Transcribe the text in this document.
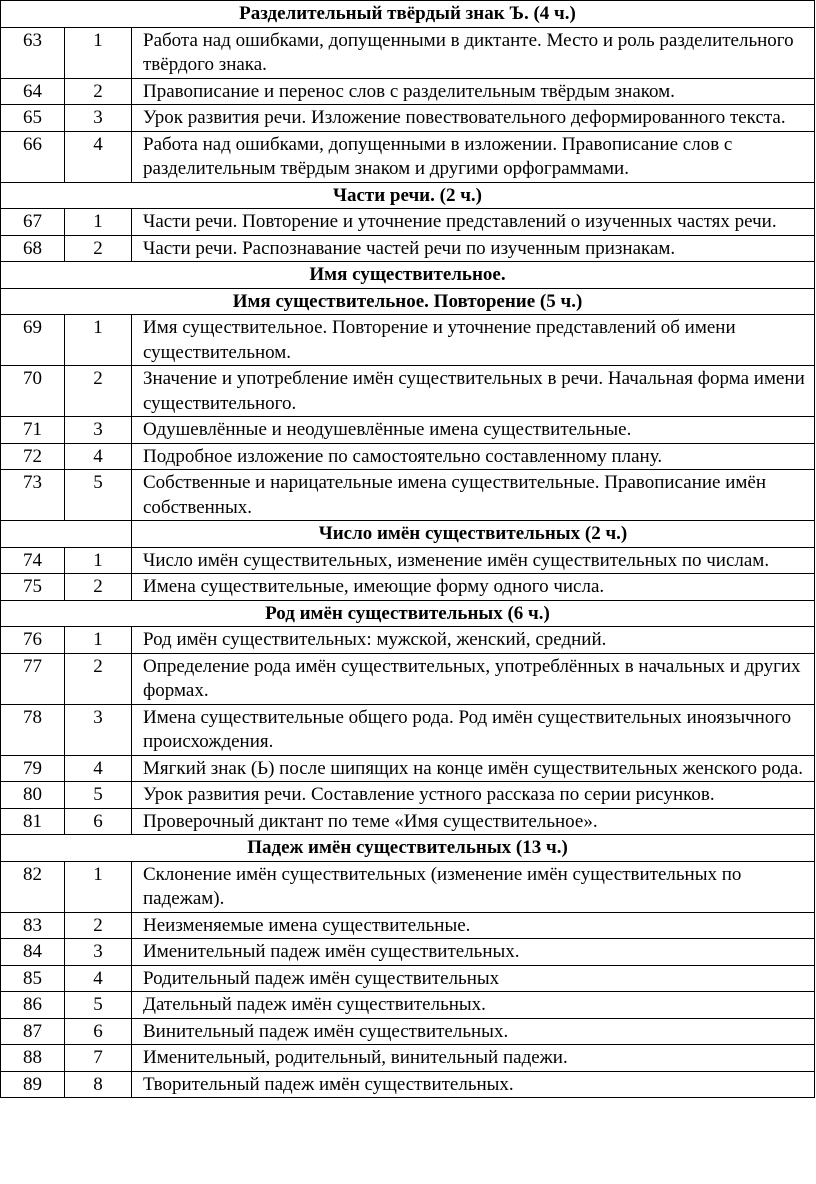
Разделительный твёрдый знак Ъ. (4 ч.)		
63	1	Работа над ошибками, допущенными в диктанте. Место и роль разделительного твёрдого знака.
64	2	Правописание и перенос слов с разделительным твёрдым знаком.
65	3	Урок развития речи. Изложение повествовательного деформированного текста.
66	4	Работа над ошибками, допущенными в изложении. Правописание слов с разделительным твёрдым знаком и другими орфограммами.
Части речи. (2 ч.)		
67	1	Части речи. Повторение и уточнение представлений о изученных частях речи.
68	2	Части речи. Распознавание частей речи по изученным признакам.
Имя существительное.		
Имя существительное. Повторение (5 ч.)		
69	1	Имя существительное. Повторение и уточнение представлений об имени существительном.
70	2	Значение и употребление имён существительных в речи. Начальная форма имени существительного.
71	3	Одушевлённые и неодушевлённые имена существительные.
72	4	Подробное изложение по самостоятельно составленному плану.
73	5	Собственные и нарицательные имена существительные. Правописание имён собственных.
		Число имён существительных (2 ч.)
74	1	Число имён существительных, изменение имён существительных по числам.
75	2	Имена существительные, имеющие форму одного числа.
Род имён существительных (6 ч.)		
76	1	Род имён существительных: мужской, женский, средний.
77	2	Определение рода имён существительных, употреблённых в начальных и других формах.
78	3	Имена существительные общего рода. Род имён существительных иноязычного происхождения.
79	4	Мягкий знак (Ь) после шипящих на конце имён существительных женского рода.
80	5	Урок развития речи. Составление устного рассказа по серии рисунков.
81	6	Проверочный диктант по теме «Имя существительное».
Падеж имён существительных (13 ч.)		
82	1	Склонение имён существительных (изменение имён существительных по падежам).
83	2	Неизменяемые имена существительные.
84	3	Именительный падеж имён существительных.
85	4	Родительный падеж имён существительных
86	5	Дательный падеж имён существительных.
87	6	Винительный падеж имён существительных.
88	7	Именительный, родительный, винительный падежи.
89	8	Творительный падеж имён существительных.
